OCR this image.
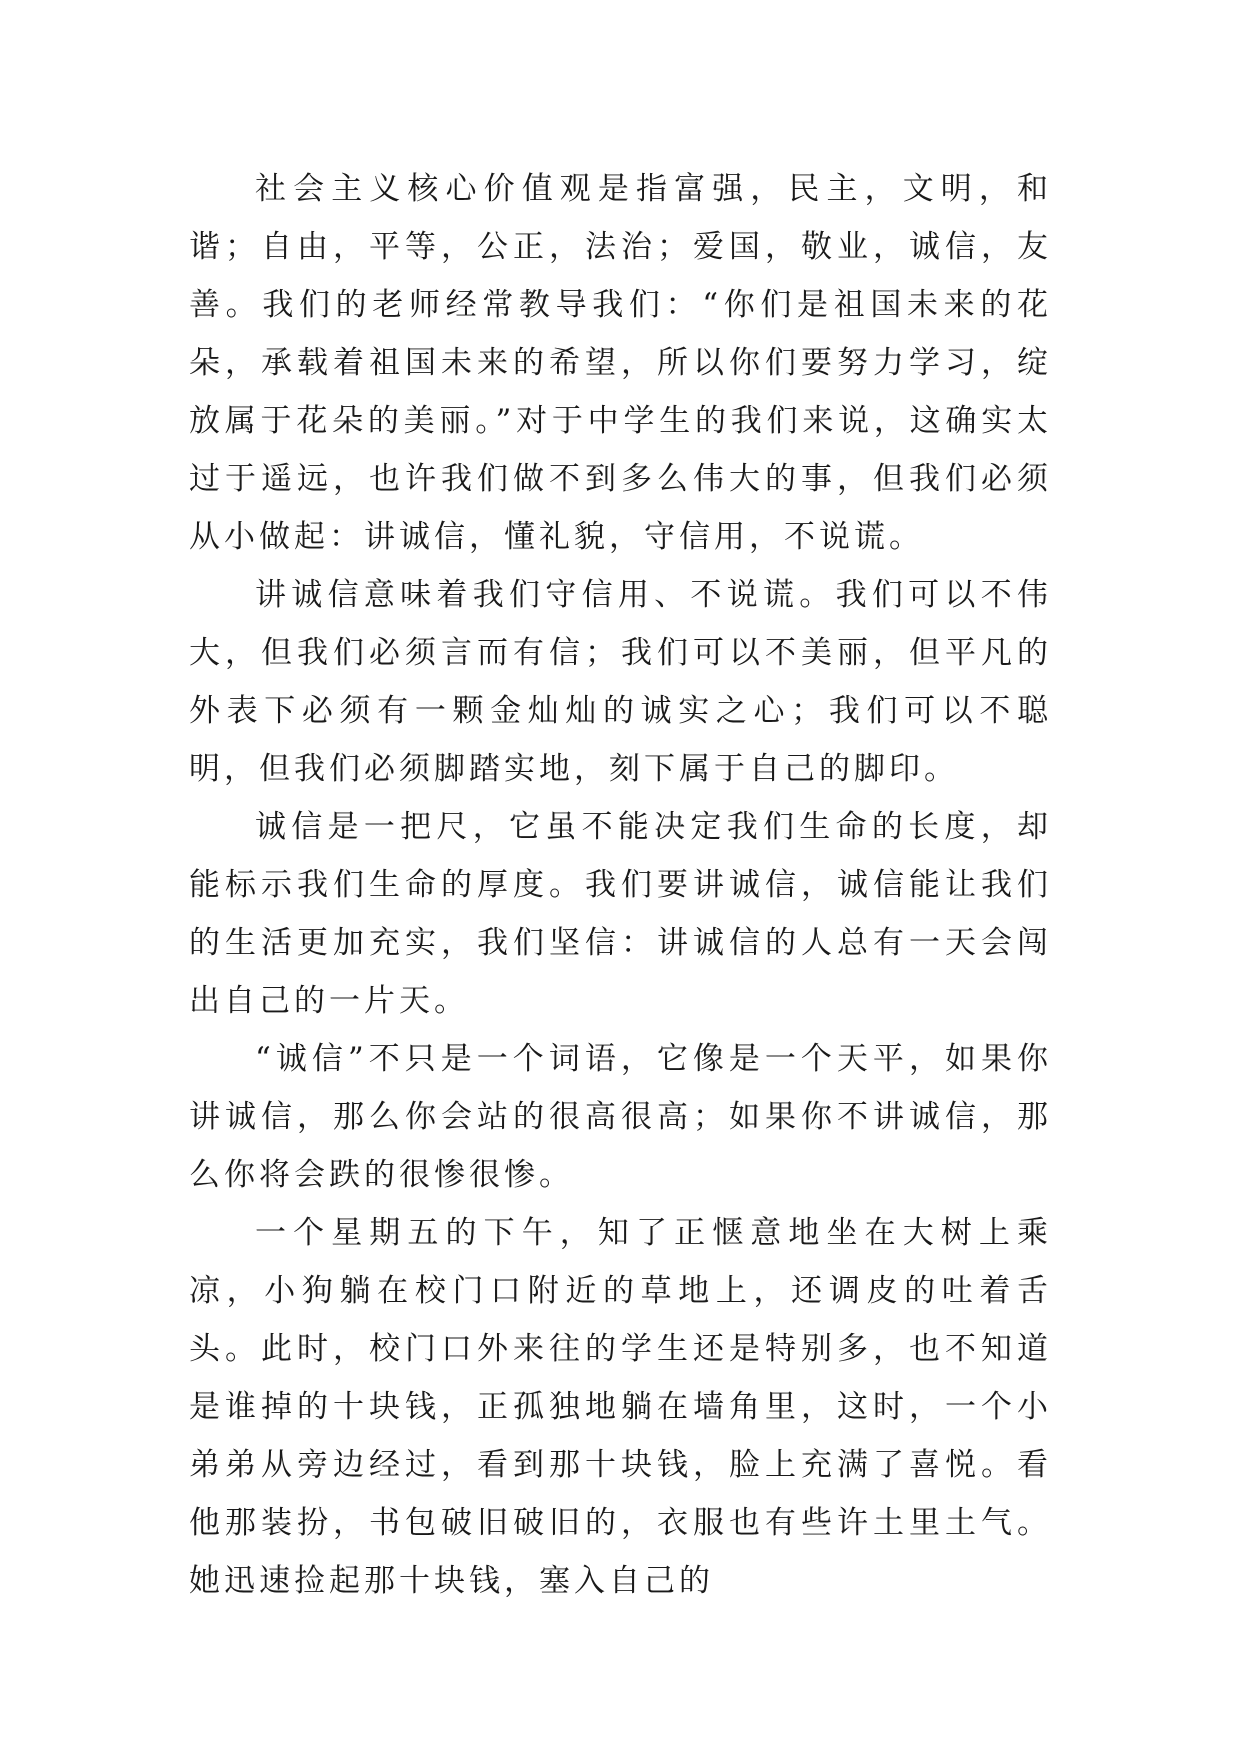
社会主义核心价值观是指富强，民主，文明，和谐；自由，平等，公正，法治；爱国，敬业，诚信，友善。我们的老师经常教导我们：“你们是祖国未来的花朵，承载着祖国未来的希望，所以你们要努力学习，绽放属于花朵的美丽。”对于中学生的我们来说，这确实太过于遥远，也许我们做不到多么伟大的事，但我们必须从小做起：讲诚信，懂礼貌，守信用，不说谎。

讲诚信意味着我们守信用、不说谎。我们可以不伟大，但我们必须言而有信；我们可以不美丽，但平凡的外表下必须有一颗金灿灿的诚实之心；我们可以不聪明，但我们必须脚踏实地，刻下属于自己的脚印。

诚信是一把尺，它虽不能决定我们生命的长度，却能标示我们生命的厚度。我们要讲诚信，诚信能让我们的生活更加充实，我们坚信：讲诚信的人总有一天会闯出自己的一片天。

“诚信”不只是一个词语，它像是一个天平，如果你讲诚信，那么你会站的很高很高；如果你不讲诚信，那么你将会跌的很惨很惨。

一个星期五的下午，知了正惬意地坐在大树上乘凉，小狗躺在校门口附近的草地上，还调皮的吐着舌头。此时，校门口外来往的学生还是特别多，也不知道是谁掉的十块钱，正孤独地躺在墙角里，这时，一个小弟弟从旁边经过，看到那十块钱，脸上充满了喜悦。看他那装扮，书包破旧破旧的，衣服也有些许土里土气。她迅速捡起那十块钱，塞入自己的
